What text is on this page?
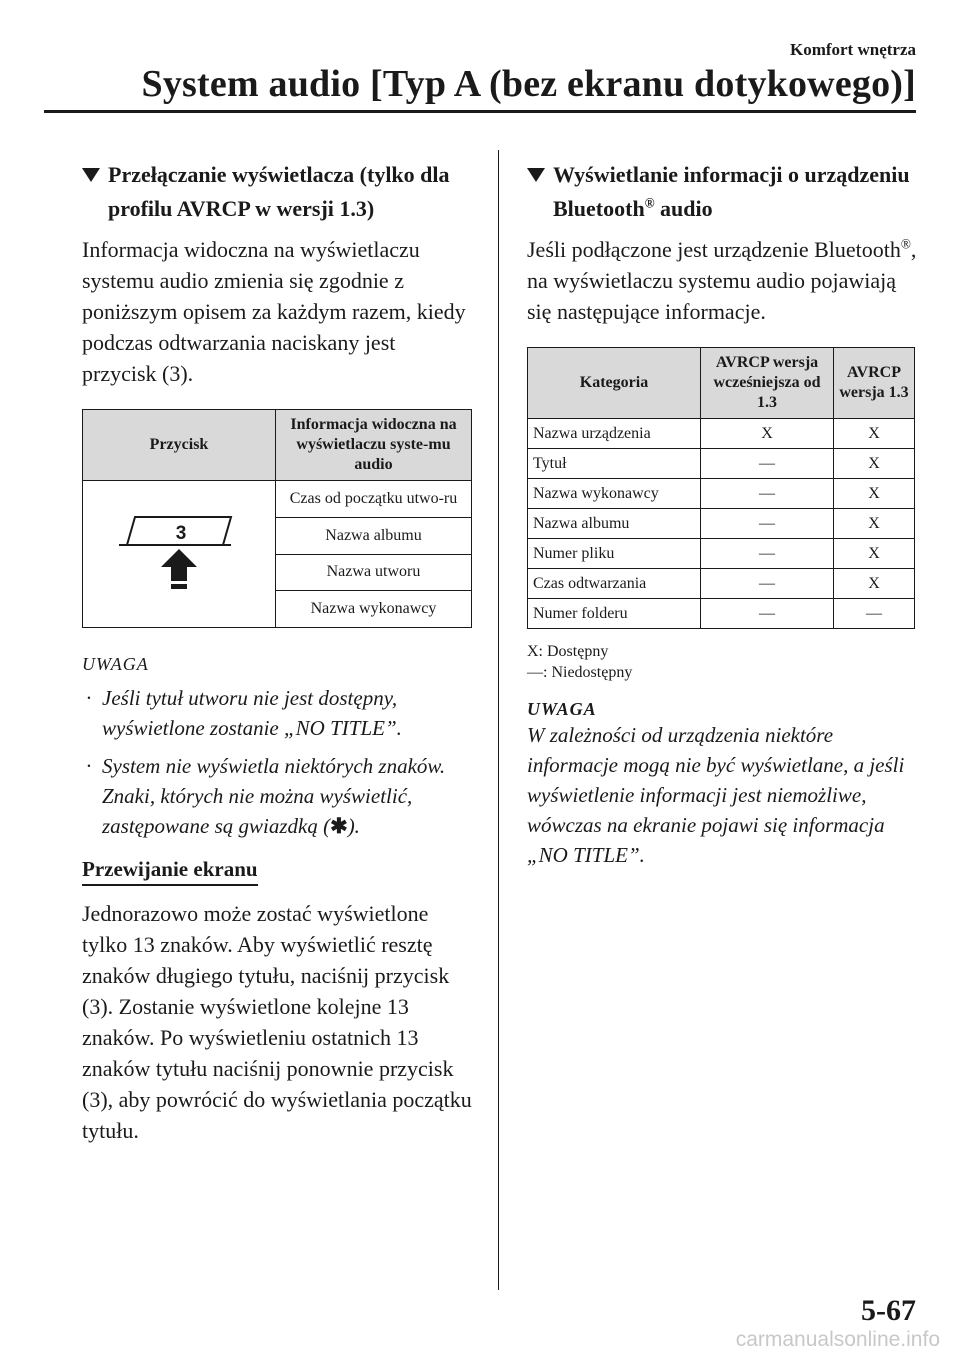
Komfort wnętrza
System audio [Typ A (bez ekranu dotykowego)]
Przełączanie wyświetlacza (tylko dla profilu AVRCP w wersji 1.3)

Informacja widoczna na wyświetlaczu systemu audio zmienia się zgodnie z poniższym opisem za każdym razem, kiedy podczas odtwarzania naciskany jest przycisk (3).

Przycisk	Informacja widoczna na wyświetlaczu syste-mu audio

3	Czas od początku utwo-ru
	Nazwa albumu
	Nazwa utworu
	Nazwa wykonawcy
UWAGA
· Jeśli tytuł utworu nie jest dostępny, wyświetlone zostanie „NO TITLE”.
· System nie wyświetla niektórych znaków. Znaki, których nie można wyświetlić, zastępowane są gwiazdką (✱).
Przewijanie ekranu

Jednorazowo może zostać wyświetlone tylko 13 znaków. Aby wyświetlić resztę znaków długiego tytułu, naciśnij przycisk (3). Zostanie wyświetlone kolejne 13 znaków. Po wyświetleniu ostatnich 13 znaków tytułu naciśnij ponownie przycisk (3), aby powrócić do wyświetlania początku tytułu.

Wyświetlanie informacji o urządzeniu Bluetooth® audio

Jeśli podłączone jest urządzenie Bluetooth®, na wyświetlaczu systemu audio pojawiają się następujące informacje.

Kategoria	AVRCP wersja wcześniejsza od 1.3	AVRCP wersja 1.3
Nazwa urządzenia	X	X
Tytuł	—	X
Nazwa wykonawcy	—	X
Nazwa albumu	—	X
Numer pliku	—	X
Czas odtwarzania	—	X
Numer folderu	—	—
X: Dostępny
—: Niedostępny
UWAGA

W zależności od urządzenia niektóre informacje mogą nie być wyświetlane, a jeśli wyświetlenie informacji jest niemożliwe, wówczas na ekranie pojawi się informacja „NO TITLE”.

5-67
carmanualsonline.info
